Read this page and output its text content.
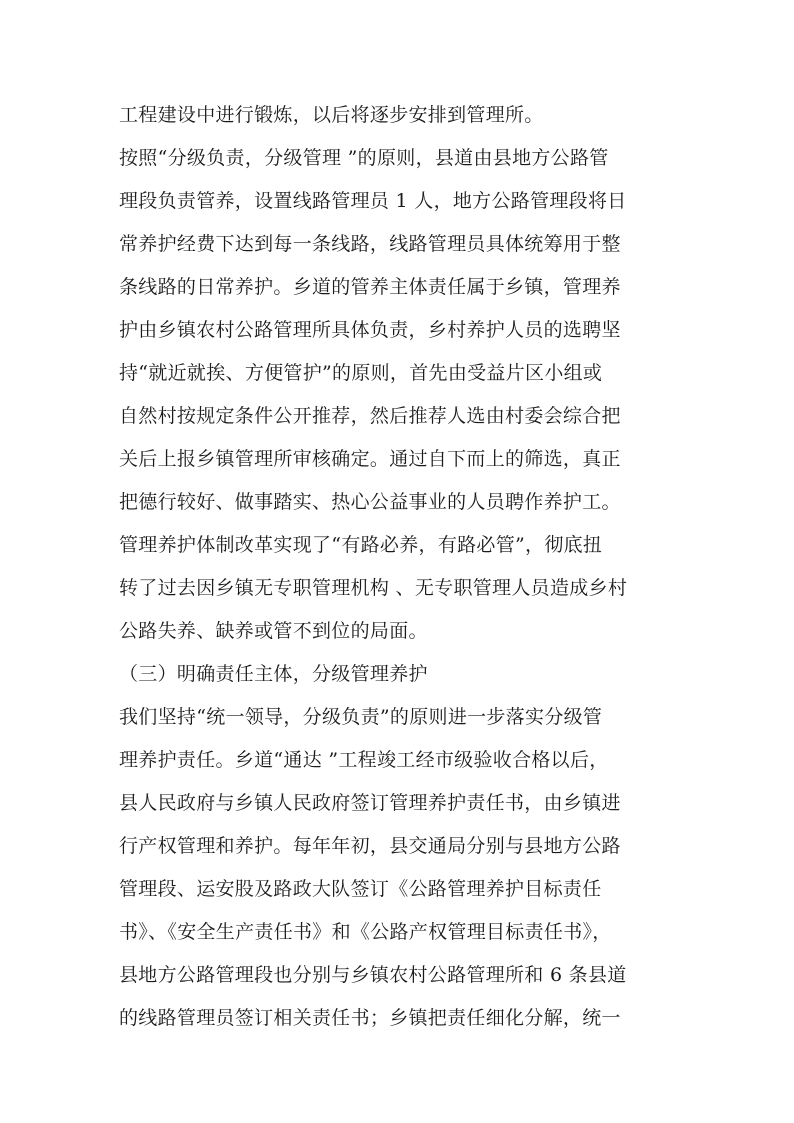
工程建设中进行锻炼，以后将逐步安排到管理所。
按照“分级负责，分级管理 ”的原则，县道由县地方公路管
理段负责管养，设置线路管理员 1 人，地方公路管理段将日
常养护经费下达到每一条线路，线路管理员具体统筹用于整
条线路的日常养护。乡道的管养主体责任属于乡镇，管理养
护由乡镇农村公路管理所具体负责，乡村养护人员的选聘坚
持“就近就挨、方便管护”的原则，首先由受益片区小组或
自然村按规定条件公开推荐，然后推荐人选由村委会综合把
关后上报乡镇管理所审核确定。通过自下而上的筛选，真正
把德行较好、做事踏实、热心公益事业的人员聘作养护工。
管理养护体制改革实现了“有路必养，有路必管”，彻底扭
转了过去因乡镇无专职管理机构 、无专职管理人员造成乡村
公路失养、缺养或管不到位的局面。
（三）明确责任主体，分级管理养护
我们坚持“统一领导，分级负责”的原则进一步落实分级管
理养护责任。乡道“通达 ”工程竣工经市级验收合格以后，
县人民政府与乡镇人民政府签订管理养护责任书，由乡镇进
行产权管理和养护。每年年初，县交通局分别与县地方公路
管理段、运安股及路政大队签订《公路管理养护目标责任
书》、《安全生产责任书》和《公路产权管理目标责任书》，
县地方公路管理段也分别与乡镇农村公路管理所和 6 条县道
的线路管理员签订相关责任书；乡镇把责任细化分解，统一
